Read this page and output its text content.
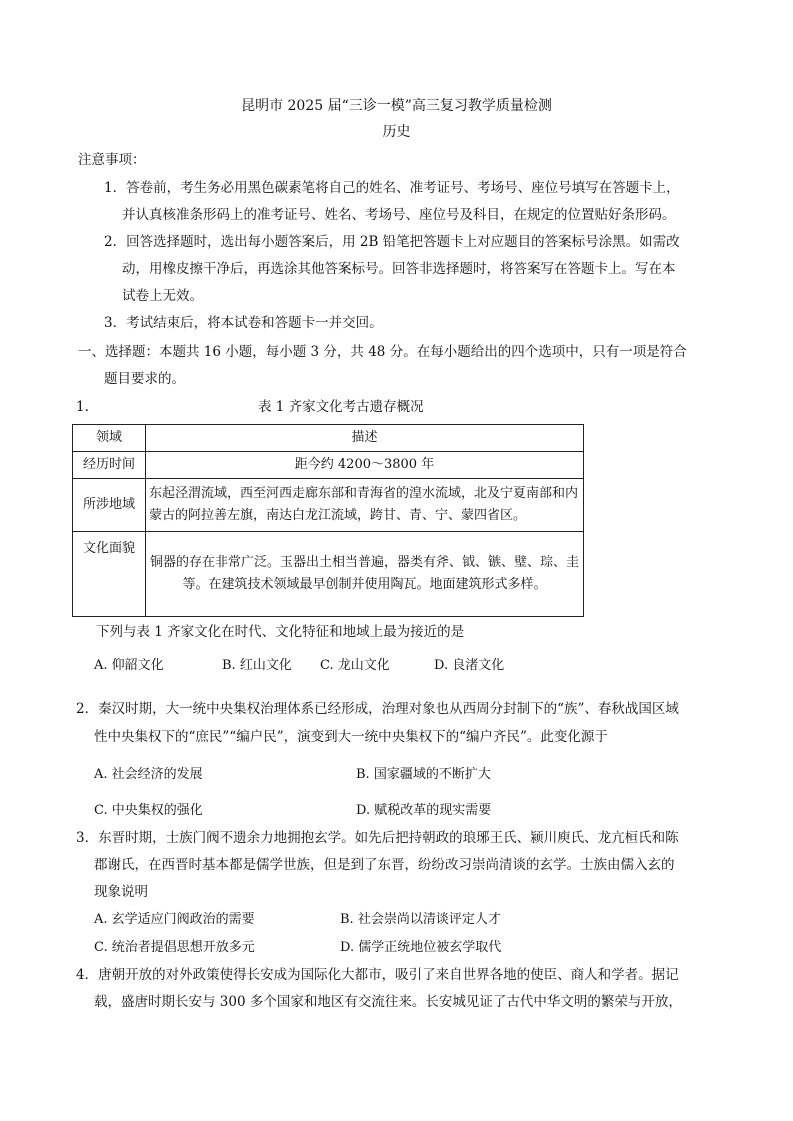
昆明市 2025 届“三诊一模”高三复习教学质量检测
历史
注意事项：
1．答卷前，考生务必用黑色碳素笔将自己的姓名、准考证号、考场号、座位号填写在答题卡上，
并认真核准条形码上的准考证号、姓名、考场号、座位号及科目，在规定的位置贴好条形码。
2．回答选择题时，选出每小题答案后，用 2B 铅笔把答题卡上对应题目的答案标号涂黑。如需改
动，用橡皮擦干净后，再选涂其他答案标号。回答非选择题时，将答案写在答题卡上。写在本
试卷上无效。
3．考试结束后，将本试卷和答题卡一并交回。
一、选择题：本题共 16 小题，每小题 3 分，共 48 分。在每小题给出的四个选项中，只有一项是符合
题目要求的。
1.	表 1 齐家文化考古遗存概况
领域	描述
经历时间	距今约 4200～3800 年
所涉地域	东起泾渭流域，西至河西走廊东部和青海省的湟水流域，北及宁夏南部和内蒙古的阿拉善左旗，南达白龙江流域，跨甘、青、宁、蒙四省区。
文化面貌	铜器的存在非常广泛。玉器出土相当普遍，器类有斧、钺、镞、璧、琮、圭等。在建筑技术领域最早创制并使用陶瓦。地面建筑形式多样。
下列与表 1 齐家文化在时代、文化特征和地域上最为接近的是
A. 仰韶文化	B. 红山文化 C. 龙山文化	D. 良渚文化
2．秦汉时期，大一统中央集权治理体系已经形成，治理对象也从西周分封制下的“族”、春秋战国区域
性中央集权下的“庶民”“编户民”，演变到大一统中央集权下的“编户齐民”。此变化源于
A. 社会经济的发展	B. 国家疆域的不断扩大
C. 中央集权的强化	D. 赋税改革的现实需要
3．东晋时期，士族门阀不遗余力地拥抱玄学。如先后把持朝政的琅琊王氏、颍川庾氏、龙亢桓氏和陈
郡谢氏，在西晋时基本都是儒学世族，但是到了东晋，纷纷改习崇尚清谈的玄学。士族由儒入玄的
现象说明
A. 玄学适应门阀政治的需要	B. 社会崇尚以清谈评定人才
C. 统治者提倡思想开放多元	D. 儒学正统地位被玄学取代
4．唐朝开放的对外政策使得长安成为国际化大都市，吸引了来自世界各地的使臣、商人和学者。据记
载，盛唐时期长安与 300 多个国家和地区有交流往来。长安城见证了古代中华文明的繁荣与开放，
